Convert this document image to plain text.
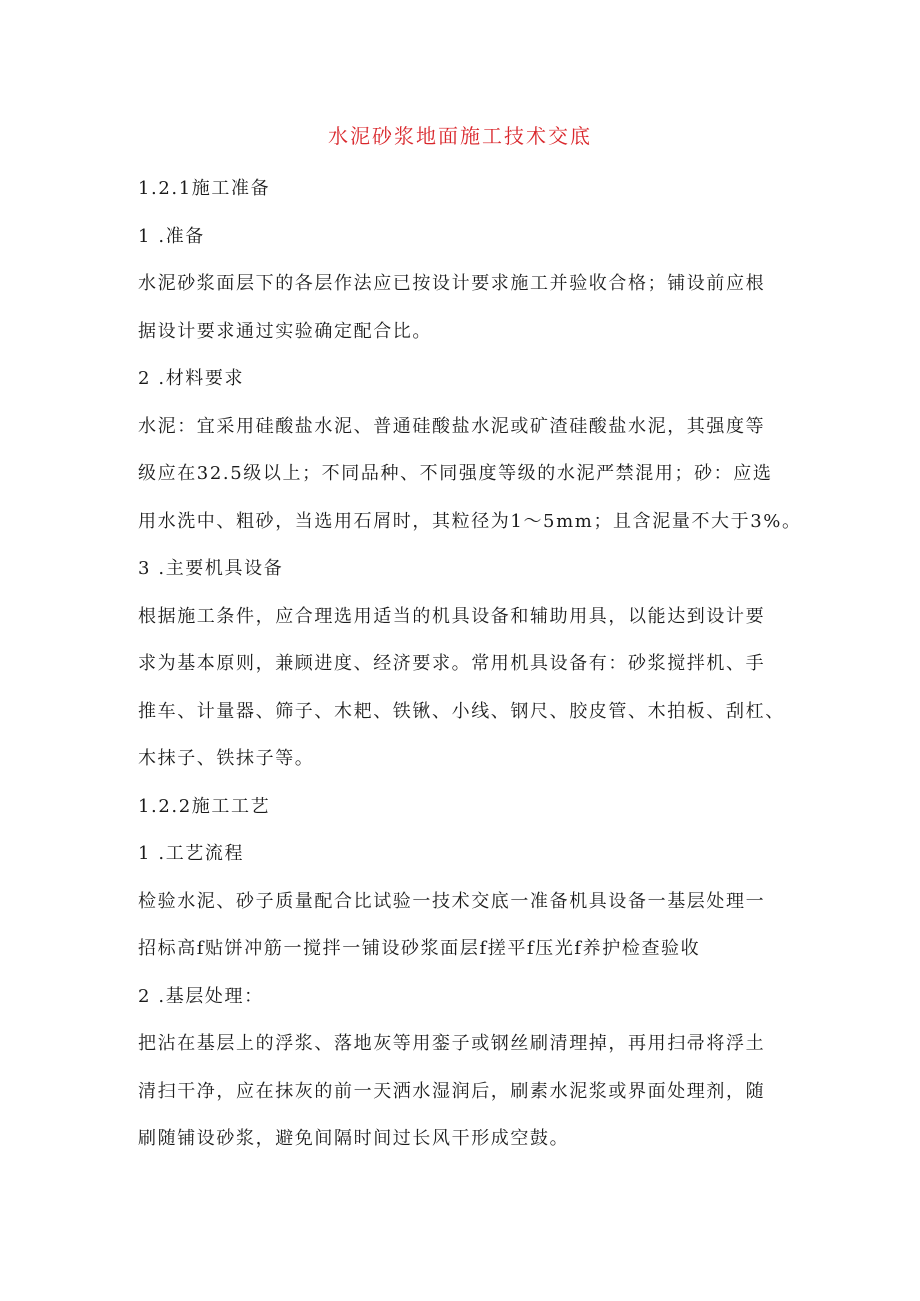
水泥砂浆地面施工技术交底
1.2.1施工准备
1 .准备
水泥砂浆面层下的各层作法应已按设计要求施工并验收合格；铺设前应根
据设计要求通过实验确定配合比。
2 .材料要求
水泥：宜采用硅酸盐水泥、普通硅酸盐水泥或矿渣硅酸盐水泥，其强度等
级应在32.5级以上；不同品种、不同强度等级的水泥严禁混用；砂：应选
用水洗中、粗砂，当选用石屑时，其粒径为1～5mm；且含泥量不大于3%。
3 .主要机具设备
根据施工条件，应合理选用适当的机具设备和辅助用具，以能达到设计要
求为基本原则，兼顾进度、经济要求。常用机具设备有：砂浆搅拌机、手
推车、计量器、筛子、木耙、铁锹、小线、钢尺、胶皮管、木拍板、刮杠、
木抹子、铁抹子等。
1.2.2施工工艺
1 .工艺流程
检验水泥、砂子质量配合比试验一技术交底一准备机具设备一基层处理一
招标高f贴饼冲筋一搅拌一铺设砂浆面层f搓平f压光f养护检查验收
2 .基层处理：
把沾在基层上的浮浆、落地灰等用銮子或钢丝刷清理掉，再用扫帚将浮土
清扫干净，应在抹灰的前一天洒水湿润后，刷素水泥浆或界面处理剂，随
刷随铺设砂浆，避免间隔时间过长风干形成空鼓。
